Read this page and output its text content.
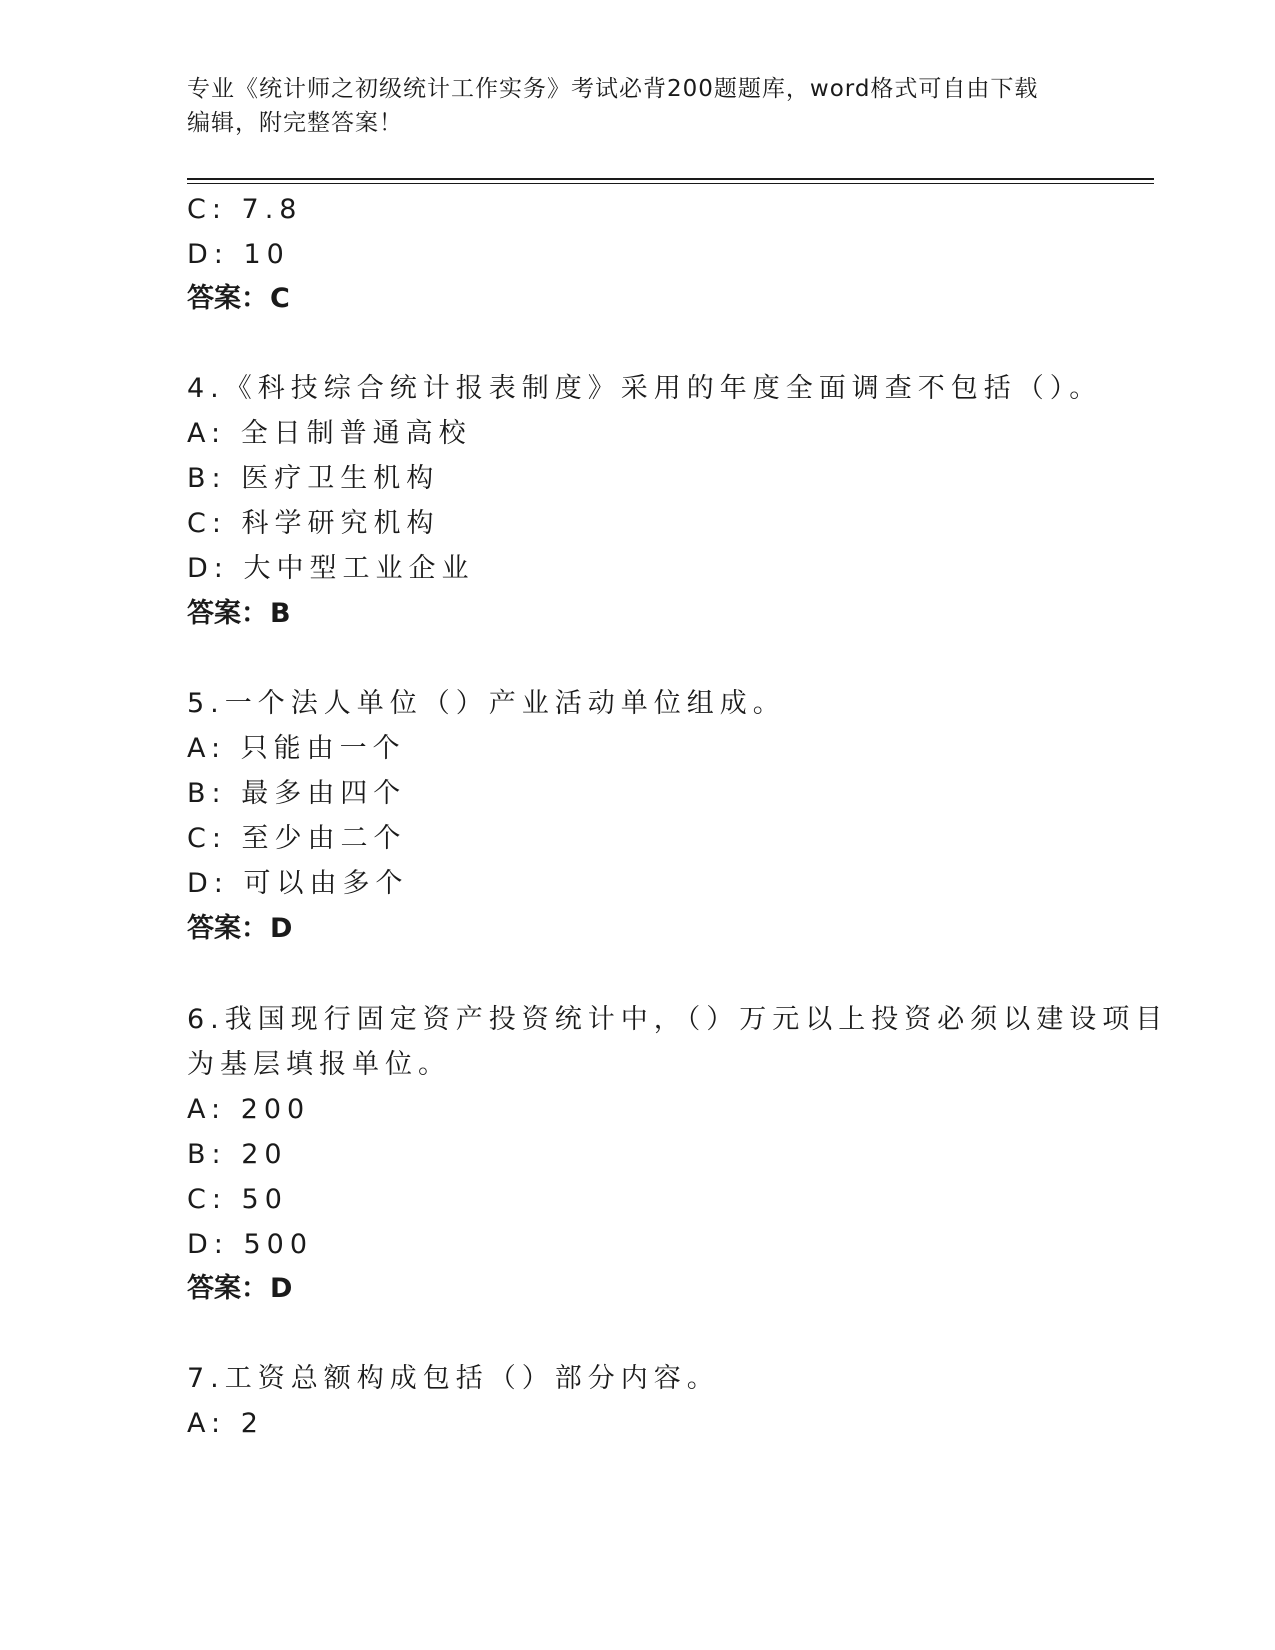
专业《统计师之初级统计工作实务》考试必背200题题库，word格式可自由下载
编辑，附完整答案！
C: 7.8
D: 10
答案：C
4.《科技综合统计报表制度》采用的年度全面调查不包括（）。
A: 全日制普通高校
B: 医疗卫生机构
C: 科学研究机构
D: 大中型工业企业
答案：B
5.一个法人单位（）产业活动单位组成。
A: 只能由一个
B: 最多由四个
C: 至少由二个
D: 可以由多个
答案：D
6.我国现行固定资产投资统计中，（）万元以上投资必须以建设项目
为基层填报单位。
A: 200
B: 20
C: 50
D: 500
答案：D
7.工资总额构成包括（）部分内容。
A: 2
